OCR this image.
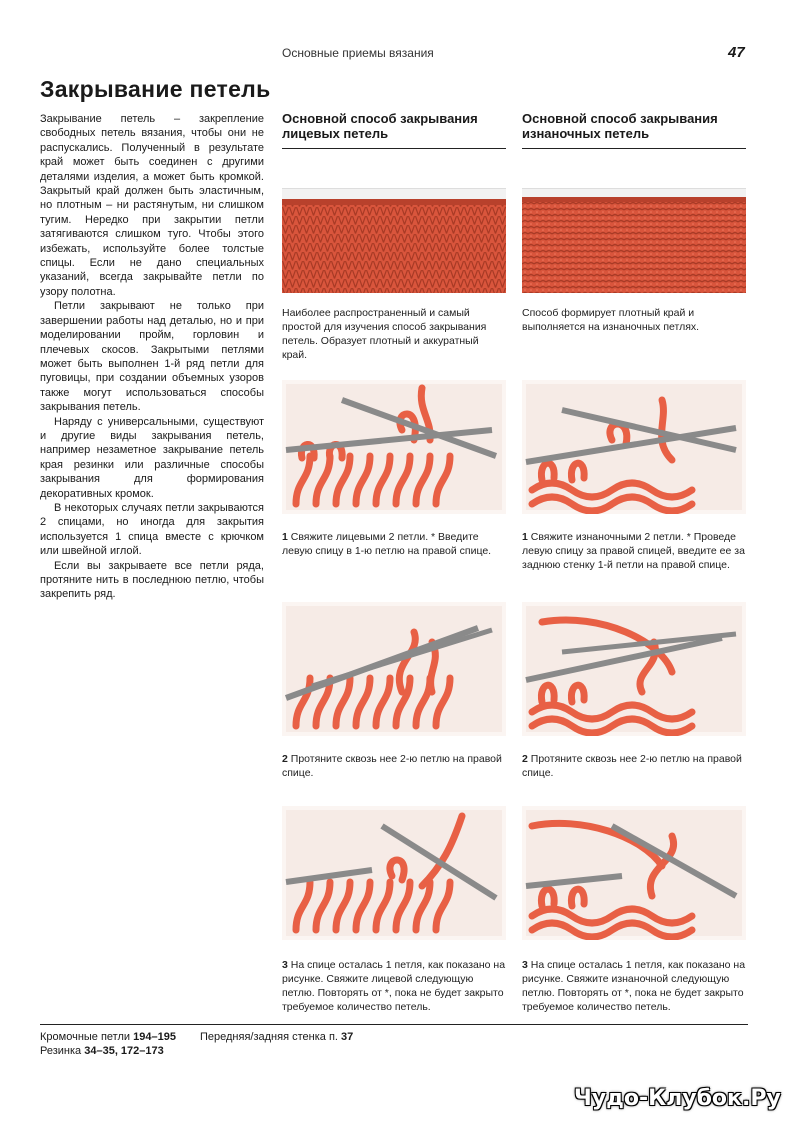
Основные приемы вязания	47
Закрывание петель

Закрывание петель – закрепление свободных петель вязания, чтобы они не распускались. Полученный в результате край может быть соединен с другими деталями изделия, а может быть кромкой. Закрытый край должен быть эластичным, но плотным – ни растянутым, ни слишком тугим. Нередко при закрытии петли затягиваются слишком туго. Чтобы этого избежать, используйте более толстые спицы. Если не дано специальных указаний, всегда закрывайте петли по узору полотна.

Петли закрывают не только при завершении работы над деталью, но и при моделировании пройм, горловин и плечевых скосов. Закрытыми петлями может быть выполнен 1-й ряд петли для пуговицы, при создании объемных узоров также могут использоваться способы закрывания петель.

Наряду с универсальными, существуют и другие виды закрывания петель, например незаметное закрывание петель края резинки или различные способы закрывания для формирования декоративных кромок.

В некоторых случаях петли закрываются 2 спицами, но иногда для закрытия используется 1 спица вместе с крючком или швейной иглой.

Если вы закрываете все петли ряда, протяните нить в последнюю петлю, чтобы закрепить ряд.

Основной способ закрывания
лицевых петель
Основной способ закрывания
изнаночных петель
Наиболее распространенный и самый простой для изучения способ закрывания петель. Образует плотный и аккуратный край.
Способ формирует плотный край и выполняется на изнаночных петлях.
1 Свяжите лицевыми 2 петли. * Введите левую спицу в 1-ю петлю на правой спице.
2 Протяните сквозь нее 2-ю петлю на правой спице.
3 На спице осталась 1 петля, как показано на рисунке. Свяжите лицевой следующую петлю. Повторять от *, пока не будет закрыто требуемое количество петель.
1 Свяжите изнаночными 2 петли. * Проведе левую спицу за правой спицей, введите ее за заднюю стенку 1-й петли на правой спице.
2 Протяните сквозь нее 2-ю петлю на правой спице.
3 На спице осталась 1 петля, как показано на рисунке. Свяжите изнаночной следующую петлю. Повторять от *, пока не будет закрыто требуемое количество петель.
Кромочные петли 194–195
Резинка 34–35, 172–173
Передняя/задняя стенка п. 37
Чудо-Клубок.Ру
